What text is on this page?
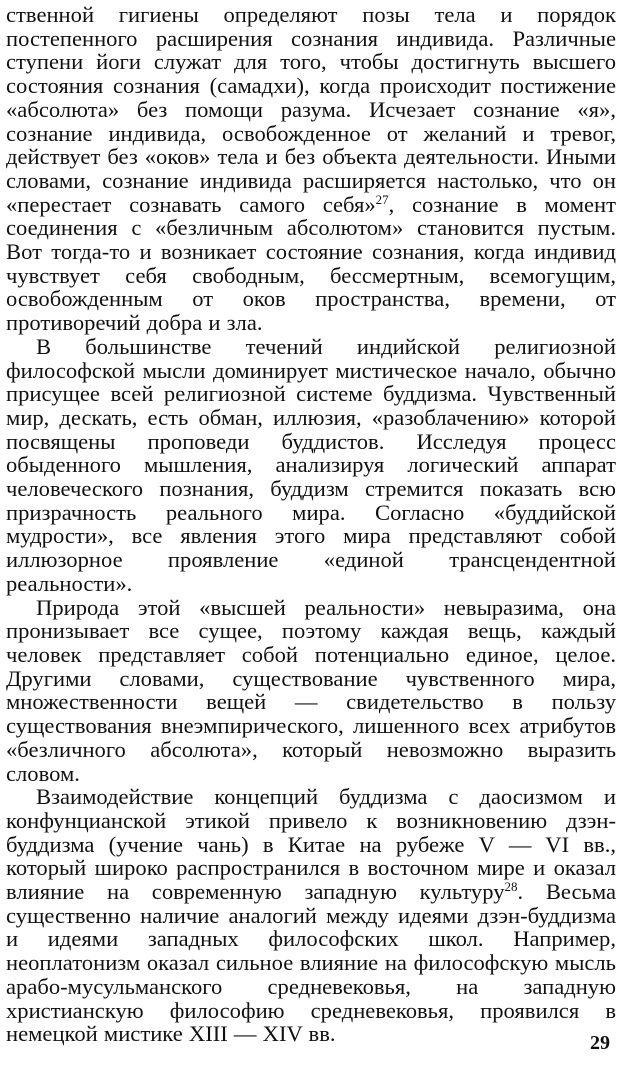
ственной гигиены определяют позы тела и порядок постепенного расширения сознания индивида. Различные ступени йоги служат для того, чтобы достигнуть высшего состояния сознания (самадхи), когда происходит постижение «абсолюта» без помощи разума. Исчезает сознание «я», сознание индивида, освобожденное от желаний и тревог, действует без «оков» тела и без объекта деятельности. Иными словами, сознание индивида расширяется настолько, что он «перестает сознавать самого себя»$^{27}$, сознание в момент соединения с «безличным абсолютом» становится пустым. Вот тогда-то и возникает состояние сознания, когда индивид чувствует себя свободным, бессмертным, всемогущим, освобожденным от оков пространства, времени, от противоречий добра и зла.

В большинстве течений индийской религиозной философской мысли доминирует мистическое начало, обычно присущее всей религиозной системе буддизма. Чувственный мир, дескать, есть обман, иллюзия, «разоблачению» которой посвящены проповеди буддистов. Исследуя процесс обыденного мышления, анализируя логический аппарат человеческого познания, буддизм стремится показать всю призрачность реального мира. Согласно «буддийской мудрости», все явления этого мира представляют собой иллюзорное проявление «единой трансцендентной реальности».

Природа этой «высшей реальности» невыразима, она пронизывает все сущее, поэтому каждая вещь, каждый человек представляет собой потенциально единое, целое. Другими словами, существование чувственного мира, множественности вещей — свидетельство в пользу существования внеэмпирического, лишенного всех атрибутов «безличного абсолюта», который невозможно выразить словом.

Взаимодействие концепций буддизма с даосизмом и конфунцианской этикой привело к возникновению дзэн-буддизма (учение чань) в Китае на рубеже V — VI вв., который широко распространился в восточном мире и оказал влияние на современную западную культуру$^{28}$. Весьма существенно наличие аналогий между идеями дзэн-буддизма и идеями западных философских школ. Например, неоплатонизм оказал сильное влияние на философскую мысль арабо-мусульманского средневековья, на западную христианскую философию средневековья, проявился в немецкой мистике XIII — XIV вв.	29
